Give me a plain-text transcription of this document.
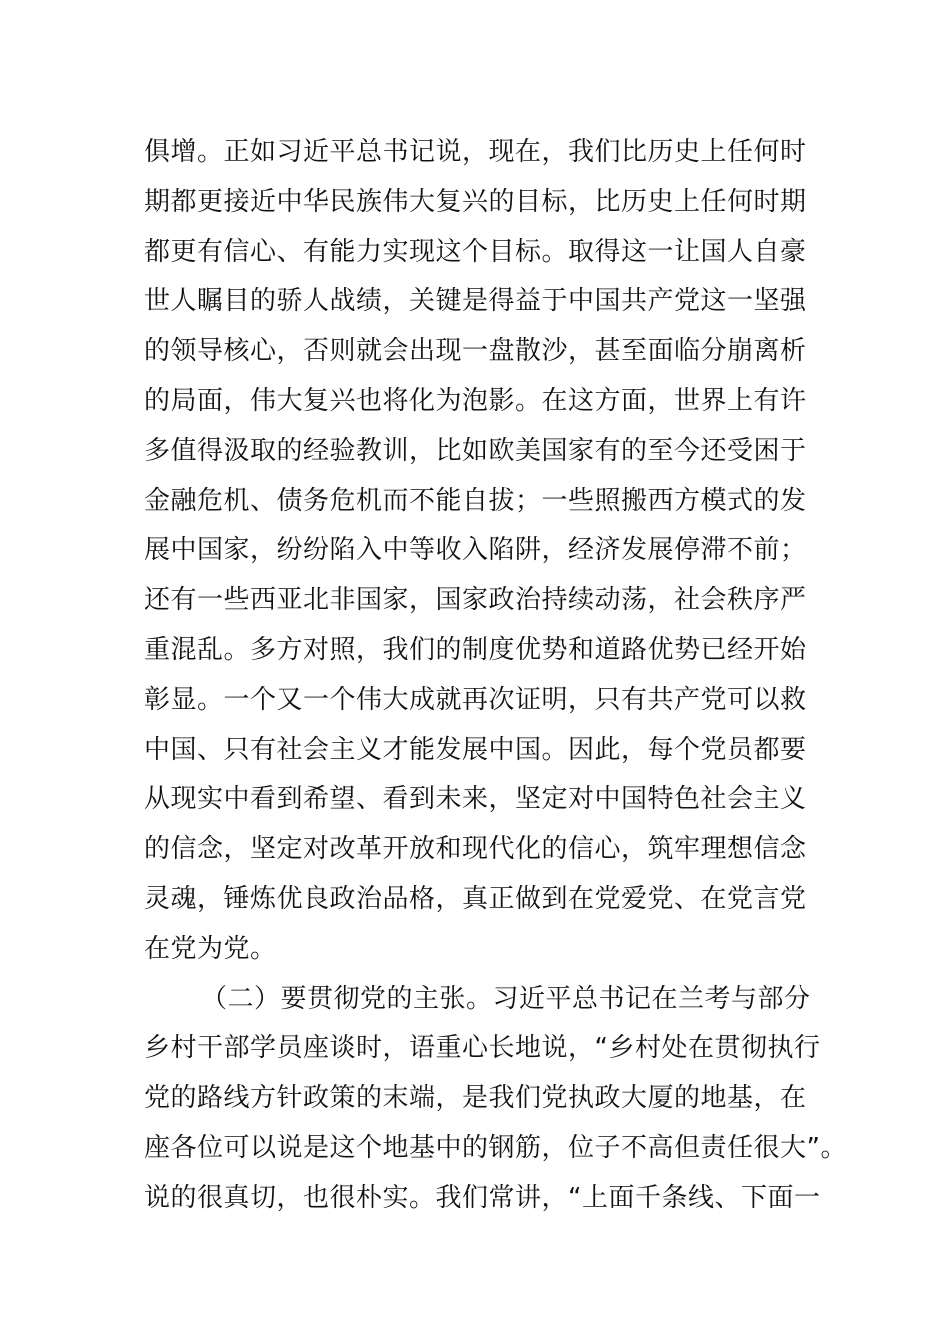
俱增。正如习近平总书记说，现在，我们比历史上任何时
期都更接近中华民族伟大复兴的目标，比历史上任何时期
都更有信心、有能力实现这个目标。取得这一让国人自豪
世人瞩目的骄人战绩，关键是得益于中国共产党这一坚强
的领导核心，否则就会出现一盘散沙，甚至面临分崩离析
的局面，伟大复兴也将化为泡影。在这方面，世界上有许
多值得汲取的经验教训，比如欧美国家有的至今还受困于
金融危机、债务危机而不能自拔；一些照搬西方模式的发
展中国家，纷纷陷入中等收入陷阱，经济发展停滞不前；
还有一些西亚北非国家，国家政治持续动荡，社会秩序严
重混乱。多方对照，我们的制度优势和道路优势已经开始
彰显。一个又一个伟大成就再次证明，只有共产党可以救
中国、只有社会主义才能发展中国。因此，每个党员都要
从现实中看到希望、看到未来，坚定对中国特色社会主义
的信念，坚定对改革开放和现代化的信心，筑牢理想信念
灵魂，锤炼优良政治品格，真正做到在党爱党、在党言党
在党为党。
（二）要贯彻党的主张。习近平总书记在兰考与部分
乡村干部学员座谈时，语重心长地说，“乡村处在贯彻执行
党的路线方针政策的末端，是我们党执政大厦的地基，在
座各位可以说是这个地基中的钢筋，位子不高但责任很大”。
说的很真切，也很朴实。我们常讲，“上面千条线、下面一
